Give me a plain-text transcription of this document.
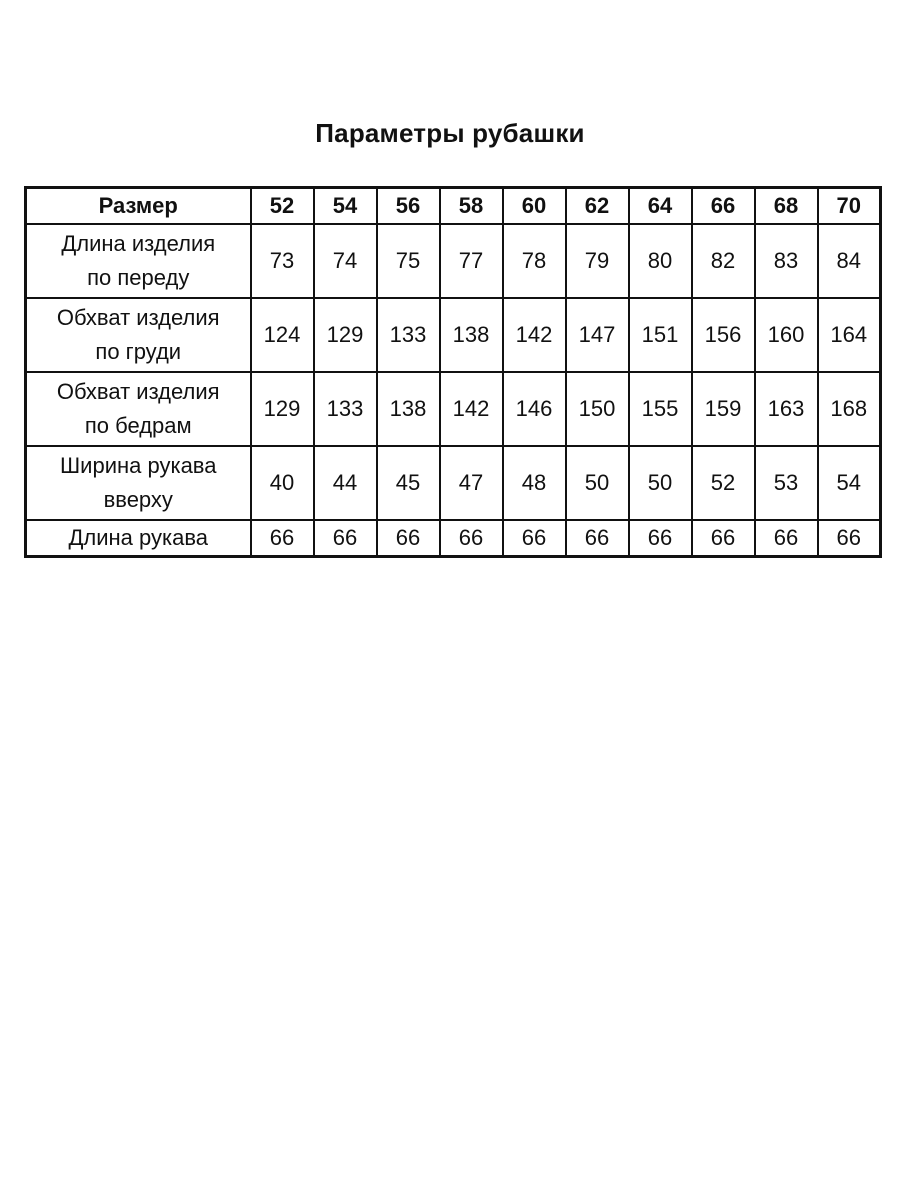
Параметры рубашки
Размер	52	54	56	58	60	62	64	66	68	70

Длина изделия
по переду	73	74	75	77	78	79	80	82	83	84

Обхват изделия
по груди	124	129	133	138	142	147	151	156	160	164

Обхват изделия
по бедрам	129	133	138	142	146	150	155	159	163	168

Ширина рукава
вверху	40	44	45	47	48	50	50	52	53	54

Длина рукава	66	66	66	66	66	66	66	66	66	66
